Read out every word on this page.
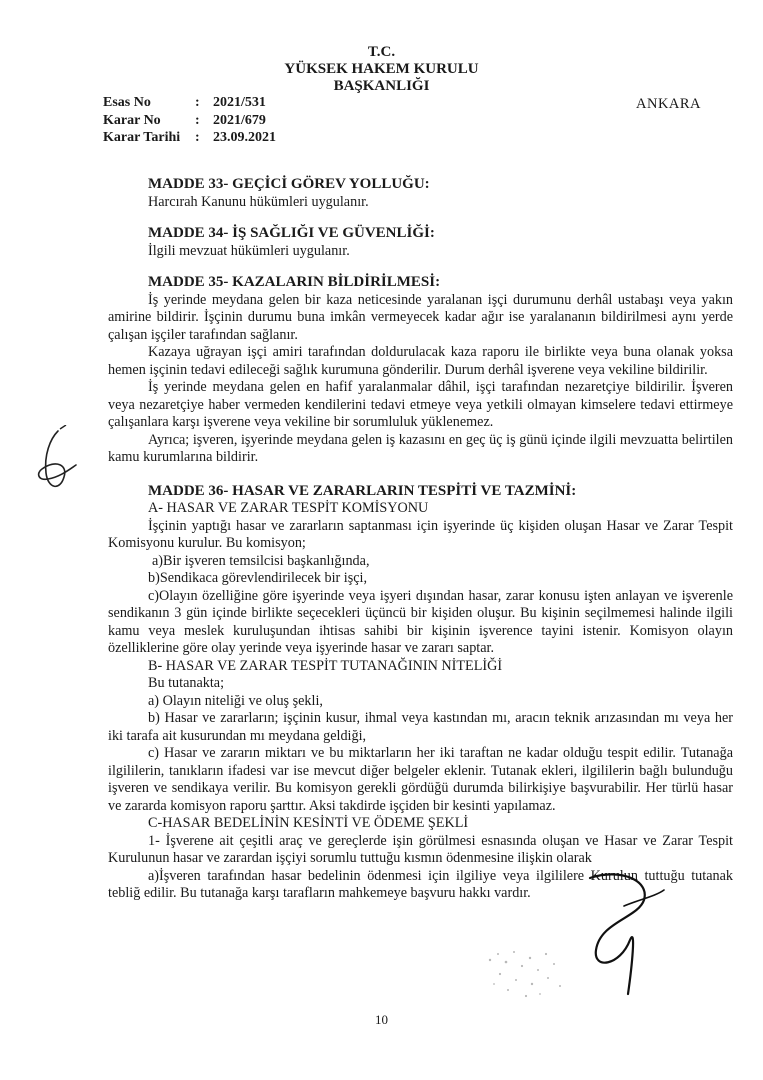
T.C.
YÜKSEK HAKEM KURULU
BAŞKANLIĞI
Esas No	: 2021/531
Karar No	: 2021/679
Karar Tarihi	: 23.09.2021
ANKARA
MADDE 33- GEÇİCİ GÖREV YOLLUĞU:
Harcırah Kanunu hükümleri uygulanır.
MADDE 34- İŞ SAĞLIĞI VE GÜVENLİĞİ:
İlgili mevzuat hükümleri uygulanır.
MADDE 35- KAZALARIN BİLDİRİLMESİ:
İş yerinde meydana gelen bir kaza neticesinde yaralanan işçi durumunu derhâl ustabaşı veya yakın amirine bildirir. İşçinin durumu buna imkân vermeyecek kadar ağır ise yaralananın bildirilmesi aynı yerde çalışan işçiler tarafından sağlanır.
Kazaya uğrayan işçi amiri tarafından doldurulacak kaza raporu ile birlikte veya buna olanak yoksa hemen işçinin tedavi edileceği sağlık kurumuna gönderilir. Durum derhâl işverene veya vekiline bildirilir.
İş yerinde meydana gelen en hafif yaralanmalar dâhil, işçi tarafından nezaretçiye bildirilir. İşveren veya nezaretçiye haber vermeden kendilerini tedavi etmeye veya yetkili olmayan kimselere tedavi ettirmeye çalışanlara karşı işverene veya vekiline bir sorumluluk yüklenemez.
Ayrıca; işveren, işyerinde meydana gelen iş kazasını en geç üç iş günü içinde ilgili mevzuatta belirtilen kamu kurumlarına bildirir.
MADDE 36- HASAR VE ZARARLARIN TESPİTİ VE TAZMİNİ:
A- HASAR VE ZARAR TESPİT KOMİSYONU
İşçinin yaptığı hasar ve zararların saptanması için işyerinde üç kişiden oluşan Hasar ve Zarar Tespit Komisyonu kurulur. Bu komisyon;
a)Bir işveren temsilcisi başkanlığında,
b)Sendikaca görevlendirilecek bir işçi,
c)Olayın özelliğine göre işyerinde veya işyeri dışından hasar, zarar konusu işten anlayan ve işverenle sendikanın 3 gün içinde birlikte seçecekleri üçüncü bir kişiden oluşur. Bu kişinin seçilmemesi halinde ilgili kamu veya meslek kuruluşundan ihtisas sahibi bir kişinin işverence tayini istenir. Komisyon olayın özelliklerine göre olay yerinde veya işyerinde hasar ve zararı saptar.
B- HASAR VE ZARAR TESPİT TUTANAĞININ NİTELİĞİ
Bu tutanakta;
a) Olayın niteliği ve oluş şekli,
b) Hasar ve zararların; işçinin kusur, ihmal veya kastından mı, aracın teknik arızasından mı veya her iki tarafa ait kusurundan mı meydana geldiği,
c) Hasar ve zararın miktarı ve bu miktarların her iki taraftan ne kadar olduğu tespit edilir. Tutanağa ilgililerin, tanıkların ifadesi var ise mevcut diğer belgeler eklenir. Tutanak ekleri, ilgililerin bağlı bulunduğu işveren ve sendikaya verilir. Bu komisyon gerekli gördüğü durumda bilirkişiye başvurabilir. Her türlü hasar ve zararda komisyon raporu şarttır. Aksi takdirde işçiden bir kesinti yapılamaz.
C-HASAR BEDELİNİN KESİNTİ VE ÖDEME ŞEKLİ
1- İşverene ait çeşitli araç ve gereçlerde işin görülmesi esnasında oluşan ve Hasar ve Zarar Tespit Kurulunun hasar ve zarardan işçiyi sorumlu tuttuğu kısmın ödenmesine ilişkin olarak
a)İşveren tarafından hasar bedelinin ödenmesi için ilgiliye veya ilgililere Kurulun tuttuğu tutanak tebliğ edilir. Bu tutanağa karşı tarafların mahkemeye başvuru hakkı vardır.
10
